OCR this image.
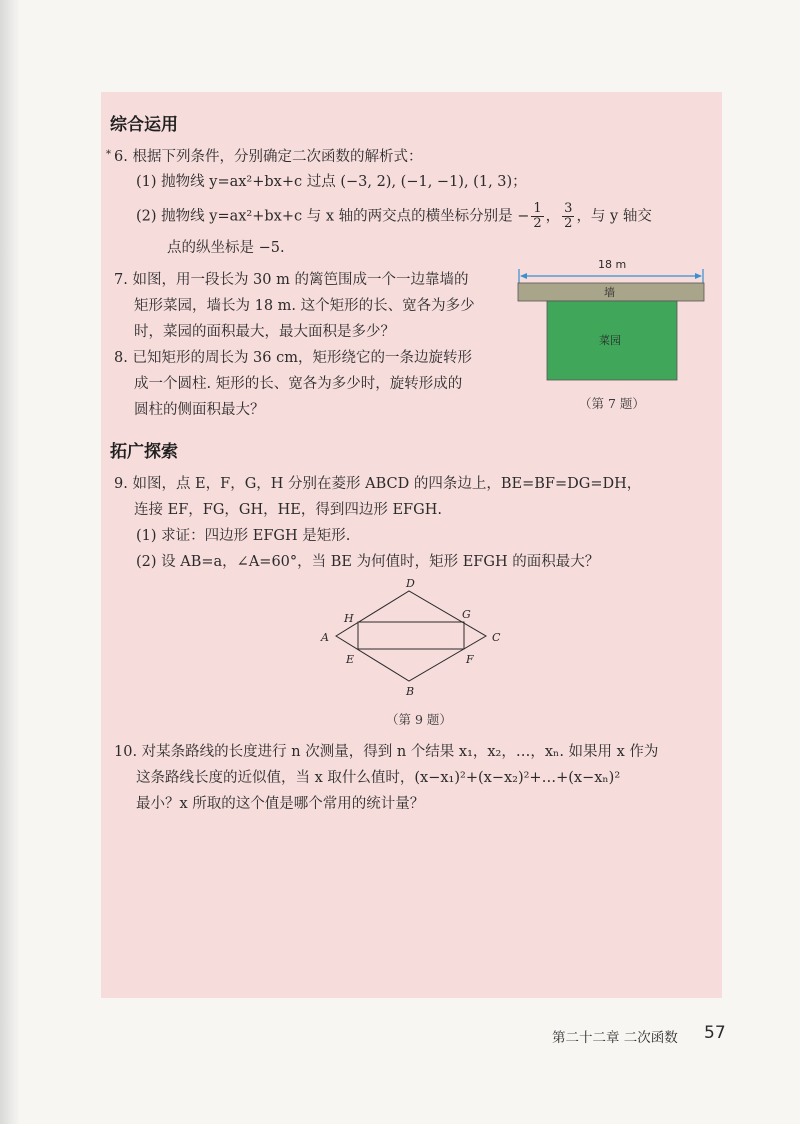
综合运用
* 6. 根据下列条件，分别确定二次函数的解析式：
(1) 抛物线 y=ax²+bx+c 过点 (−3, 2), (−1, −1), (1, 3)；
(2) 抛物线 y=ax²+bx+c 与 x 轴的两交点的横坐标分别是 − $\frac{1}{2}$ ， $\frac{3}{2}$ ，与 y 轴交
点的纵坐标是 −5.
7. 如图，用一段长为 30 m 的篱笆围成一个一边靠墙的
矩形菜园，墙长为 18 m. 这个矩形的长、宽各为多少
时，菜园的面积最大，最大面积是多少？
8. 已知矩形的周长为 36 cm，矩形绕它的一条边旋转形
成一个圆柱. 矩形的长、宽各为多少时，旋转形成的
圆柱的侧面积最大？
18 m
墙
菜园
（第 7 题）
拓广探索
9. 如图，点 E，F，G，H 分别在菱形 ABCD 的四条边上，BE=BF=DG=DH，
连接 EF，FG，GH，HE，得到四边形 EFGH.
(1) 求证：四边形 EFGH 是矩形.
(2) 设 AB=a，∠A=60°，当 BE 为何值时，矩形 EFGH 的面积最大？
D
H	G
A	C
E	F
B
（第 9 题）
10. 对某条路线的长度进行 n 次测量，得到 n 个结果 x₁，x₂，…，xₙ. 如果用 x 作为
这条路线长度的近似值，当 x 取什么值时，(x−x₁)²+(x−x₂)²+…+(x−xₙ)²
最小？x 所取的这个值是哪个常用的统计量？
第二十二章 二次函数 57
